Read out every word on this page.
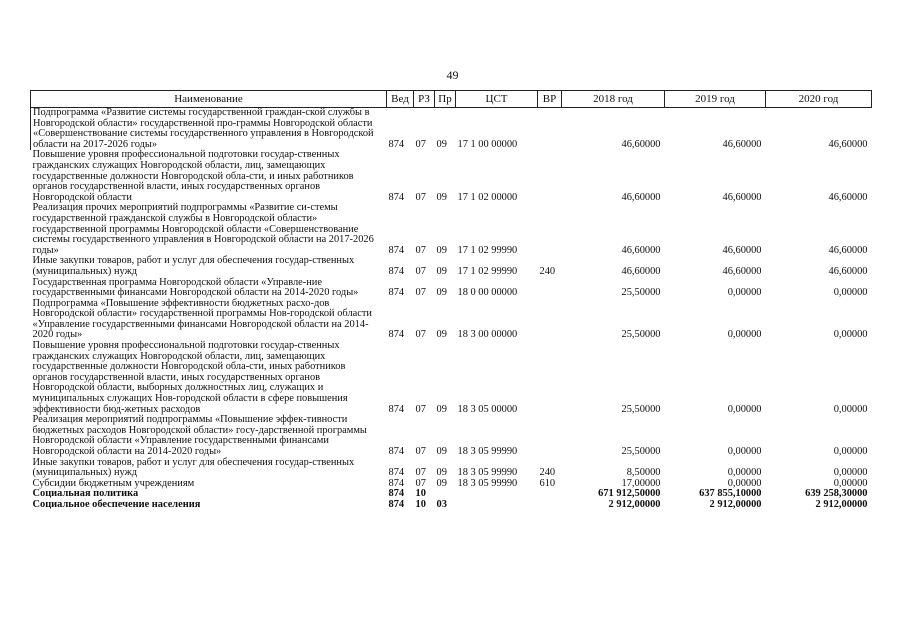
49
Наименование	Вед	РЗ	Пр	ЦСТ	ВР	2018 год	2019 год	2020 год
Подпрограмма «Развитие системы государственной граждан-ской службы в Новгородской области» государственной про-граммы Новгородской области «Совершенствование системы государственного управления в Новгородской области на 2017-2026 годы»	874	07	09	17 1 00 00000		46,60000	46,60000	46,60000
Повышение уровня профессиональной подготовки государ-ственных гражданских служащих Новгородской области, лиц, замещающих государственные должности Новгородской обла-сти, и иных работников органов государственной власти, иных государственных органов Новгородской области	874	07	09	17 1 02 00000		46,60000	46,60000	46,60000
Реализация прочих мероприятий подпрограммы «Развитие си-стемы государственной гражданской службы в Новгородской области» государственной программы Новгородской области «Совершенствование системы государственного управления в Новгородской области на 2017-2026 годы»	874	07	09	17 1 02 99990		46,60000	46,60000	46,60000
Иные закупки товаров, работ и услуг для обеспечения государ-ственных (муниципальных) нужд	874	07	09	17 1 02 99990	240	46,60000	46,60000	46,60000
Государственная программа Новгородской области «Управле-ние государственными финансами Новгородской области на 2014-2020 годы»	874	07	09	18 0 00 00000		25,50000	0,00000	0,00000
Подпрограмма «Повышение эффективности бюджетных расхо-дов Новгородской области» государственной программы Нов-городской области «Управление государственными финансами Новгородской области на 2014-2020 годы»	874	07	09	18 3 00 00000		25,50000	0,00000	0,00000
Повышение уровня профессиональной подготовки государ-ственных гражданских служащих Новгородской области, лиц, замещающих государственные должности Новгородской обла-сти, иных работников органов государственной власти, иных государственных органов Новгородской области, выборных должностных лиц, служащих и муниципальных служащих Нов-городской области в сфере повышения эффективности бюд-жетных расходов	874	07	09	18 3 05 00000		25,50000	0,00000	0,00000
Реализация мероприятий подпрограммы «Повышение эффек-тивности бюджетных расходов Новгородской области» госу-дарственной программы Новгородской области «Управление государственными финансами Новгородской области на 2014-2020 годы»	874	07	09	18 3 05 99990		25,50000	0,00000	0,00000
Иные закупки товаров, работ и услуг для обеспечения государ-ственных (муниципальных) нужд	874	07	09	18 3 05 99990	240	8,50000	0,00000	0,00000
Субсидии бюджетным учреждениям	874	07	09	18 3 05 99990	610	17,00000	0,00000	0,00000
Социальная политика	874	10				671 912,50000	637 855,10000	639 258,30000
Социальное обеспечение населения	874	10	03			2 912,00000	2 912,00000	2 912,00000
